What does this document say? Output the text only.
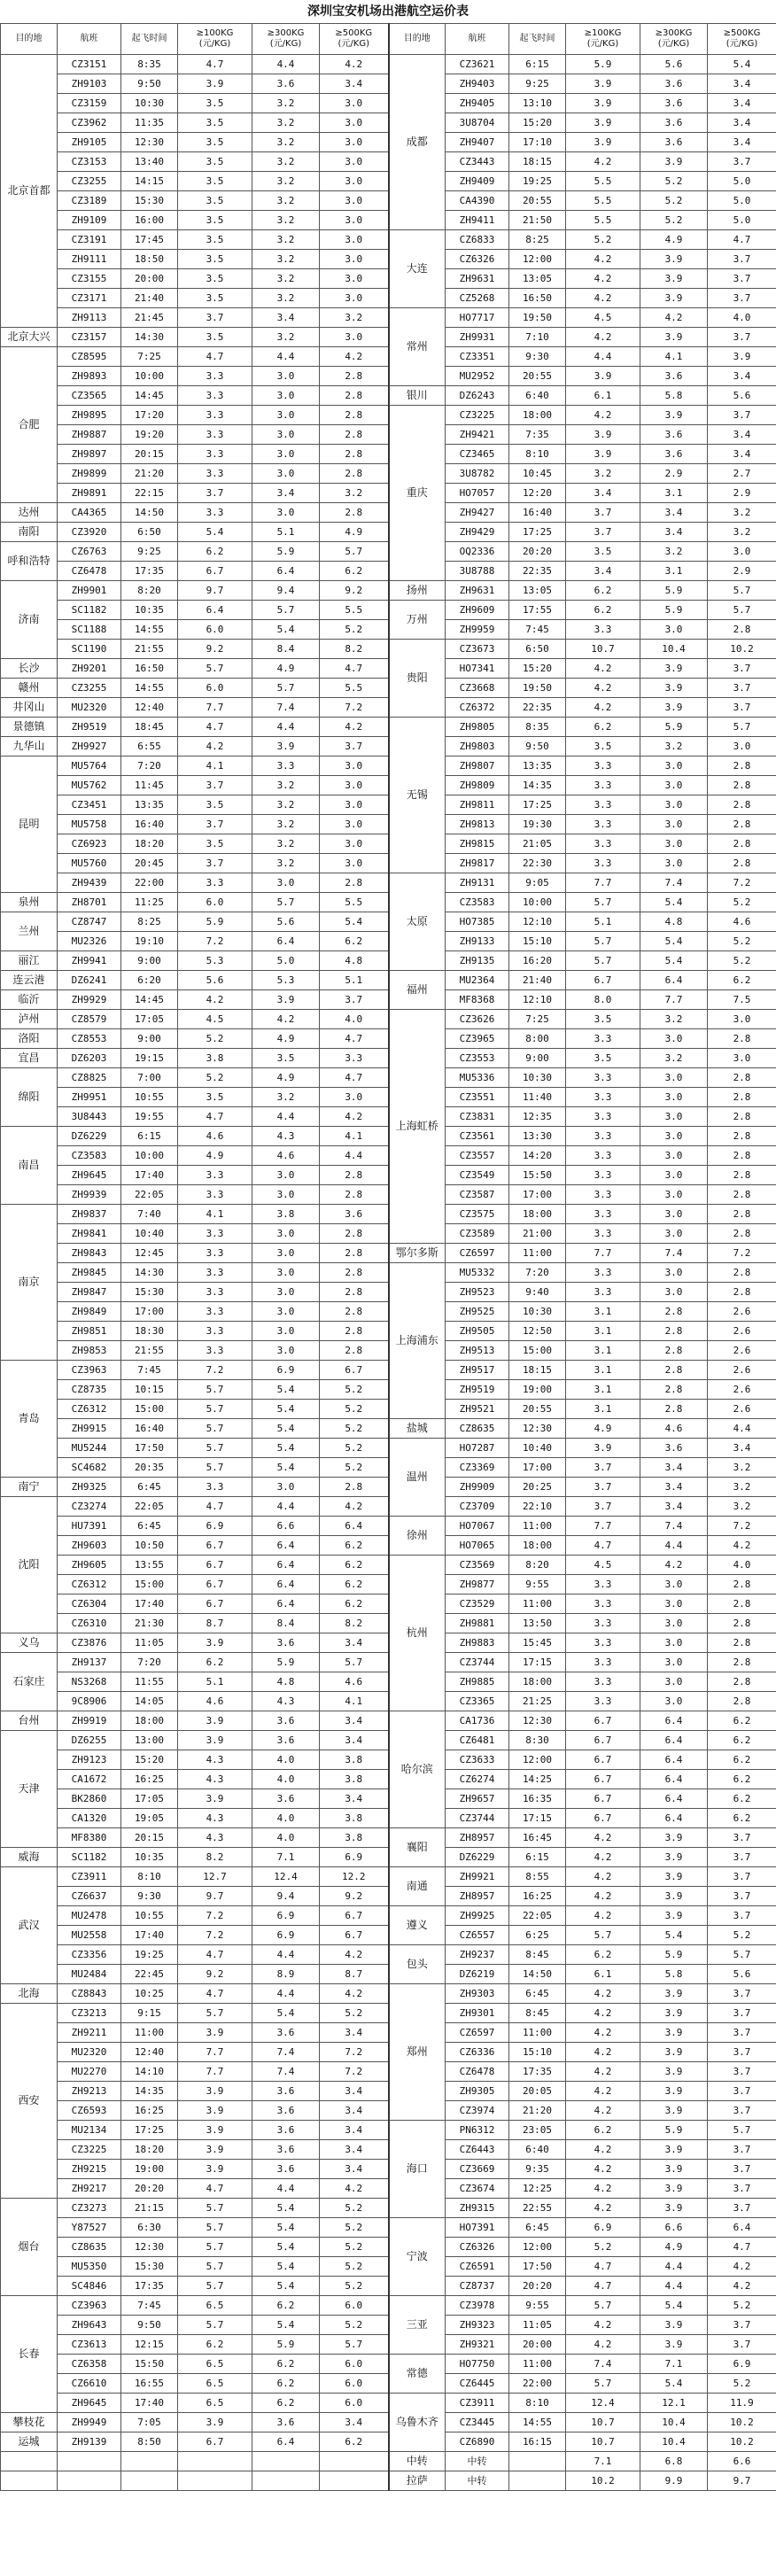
深圳宝安机场出港航空运价表
目的地	航班	起飞时间	≥100KG (元/KG)	≥300KG (元/KG)	≥500KG (元/KG)	目的地	航班	起飞时间	≥100KG (元/KG)	≥300KG (元/KG)	≥500KG (元/KG)
北京首都	CZ3151	8:35	4.7	4.4	4.2	成都	CZ3621	6:15	5.9	5.6	5.4
	ZH9103	9:50	3.9	3.6	3.4		ZH9403	9:25	3.9	3.6	3.4
	CZ3159	10:30	3.5	3.2	3.0		ZH9405	13:10	3.9	3.6	3.4
	CZ3962	11:35	3.5	3.2	3.0		3U8704	15:20	3.9	3.6	3.4
	ZH9105	12:30	3.5	3.2	3.0		ZH9407	17:10	3.9	3.6	3.4
	CZ3153	13:40	3.5	3.2	3.0		CZ3443	18:15	4.2	3.9	3.7
	CZ3255	14:15	3.5	3.2	3.0		ZH9409	19:25	5.5	5.2	5.0
	CZ3189	15:30	3.5	3.2	3.0		CA4390	20:55	5.5	5.2	5.0
	ZH9109	16:00	3.5	3.2	3.0		ZH9411	21:50	5.5	5.2	5.0
	CZ3191	17:45	3.5	3.2	3.0	大连	CZ6833	8:25	5.2	4.9	4.7
	ZH9111	18:50	3.5	3.2	3.0		CZ6326	12:00	4.2	3.9	3.7
	CZ3155	20:00	3.5	3.2	3.0		ZH9631	13:05	4.2	3.9	3.7
	CZ3171	21:40	3.5	3.2	3.0		CZ5268	16:50	4.2	3.9	3.7
	ZH9113	21:45	3.7	3.4	3.2	常州	HO7717	19:50	4.5	4.2	4.0
北京大兴	CZ3157	14:30	3.5	3.2	3.0		ZH9931	7:10	4.2	3.9	3.7
合肥	CZ8595	7:25	4.7	4.4	4.2		CZ3351	9:30	4.4	4.1	3.9
	ZH9893	10:00	3.3	3.0	2.8		MU2952	20:55	3.9	3.6	3.4
	CZ3565	14:45	3.3	3.0	2.8	银川	DZ6243	6:40	6.1	5.8	5.6
	ZH9895	17:20	3.3	3.0	2.8	重庆	CZ3225	18:00	4.2	3.9	3.7
	ZH9887	19:20	3.3	3.0	2.8		ZH9421	7:35	3.9	3.6	3.4
	ZH9897	20:15	3.3	3.0	2.8		CZ3465	8:10	3.9	3.6	3.4
	ZH9899	21:20	3.3	3.0	2.8		3U8782	10:45	3.2	2.9	2.7
	ZH9891	22:15	3.7	3.4	3.2		HO7057	12:20	3.4	3.1	2.9
达州	CA4365	14:50	3.3	3.0	2.8		ZH9427	16:40	3.7	3.4	3.2
南阳	CZ3920	6:50	5.4	5.1	4.9		ZH9429	17:25	3.7	3.4	3.2
呼和浩特	CZ6763	9:25	6.2	5.9	5.7		OQ2336	20:20	3.5	3.2	3.0
	CZ6478	17:35	6.7	6.4	6.2		3U8788	22:35	3.4	3.1	2.9
济南	ZH9901	8:20	9.7	9.4	9.2	扬州	ZH9631	13:05	6.2	5.9	5.7
	SC1182	10:35	6.4	5.7	5.5	万州	ZH9609	17:55	6.2	5.9	5.7
	SC1188	14:55	6.0	5.4	5.2		ZH9959	7:45	3.3	3.0	2.8
	SC1190	21:55	9.2	8.4	8.2	贵阳	CZ3673	6:50	10.7	10.4	10.2
长沙	ZH9201	16:50	5.7	4.9	4.7		HO7341	15:20	4.2	3.9	3.7
赣州	CZ3255	14:55	6.0	5.7	5.5		CZ3668	19:50	4.2	3.9	3.7
井冈山	MU2320	12:40	7.7	7.4	7.2		CZ6372	22:35	4.2	3.9	3.7
景德镇	ZH9519	18:45	4.7	4.4	4.2	无锡	ZH9805	8:35	6.2	5.9	5.7
九华山	ZH9927	6:55	4.2	3.9	3.7		ZH9803	9:50	3.5	3.2	3.0
昆明	MU5764	7:20	4.1	3.3	3.0		ZH9807	13:35	3.3	3.0	2.8
	MU5762	11:45	3.7	3.2	3.0		ZH9809	14:35	3.3	3.0	2.8
	CZ3451	13:35	3.5	3.2	3.0		ZH9811	17:25	3.3	3.0	2.8
	MU5758	16:40	3.7	3.2	3.0		ZH9813	19:30	3.3	3.0	2.8
	CZ6923	18:20	3.5	3.2	3.0		ZH9815	21:05	3.3	3.0	2.8
	MU5760	20:45	3.7	3.2	3.0		ZH9817	22:30	3.3	3.0	2.8
	ZH9439	22:00	3.3	3.0	2.8	太原	ZH9131	9:05	7.7	7.4	7.2
泉州	ZH8701	11:25	6.0	5.7	5.5		CZ3583	10:00	5.7	5.4	5.2
兰州	CZ8747	8:25	5.9	5.6	5.4		HO7385	12:10	5.1	4.8	4.6
	MU2326	19:10	7.2	6.4	6.2		ZH9133	15:10	5.7	5.4	5.2
丽江	ZH9941	9:00	5.3	5.0	4.8		ZH9135	16:20	5.7	5.4	5.2
连云港	DZ6241	6:20	5.6	5.3	5.1	福州	MU2364	21:40	6.7	6.4	6.2
临沂	ZH9929	14:45	4.2	3.9	3.7		MF8368	12:10	8.0	7.7	7.5
泸州	CZ8579	17:05	4.5	4.2	4.0	上海虹桥	CZ3626	7:25	3.5	3.2	3.0
洛阳	CZ8553	9:00	5.2	4.9	4.7		CZ3965	8:00	3.3	3.0	2.8
宜昌	DZ6203	19:15	3.8	3.5	3.3		CZ3553	9:00	3.5	3.2	3.0
绵阳	CZ8825	7:00	5.2	4.9	4.7		MU5336	10:30	3.3	3.0	2.8
	ZH9951	10:55	3.5	3.2	3.0		CZ3551	11:40	3.3	3.0	2.8
	3U8443	19:55	4.7	4.4	4.2		CZ3831	12:35	3.3	3.0	2.8
南昌	DZ6229	6:15	4.6	4.3	4.1		CZ3561	13:30	3.3	3.0	2.8
	CZ3583	10:00	4.9	4.6	4.4		CZ3557	14:20	3.3	3.0	2.8
	ZH9645	17:40	3.3	3.0	2.8		CZ3549	15:50	3.3	3.0	2.8
	ZH9939	22:05	3.3	3.0	2.8		CZ3587	17:00	3.3	3.0	2.8
南京	ZH9837	7:40	4.1	3.8	3.6		CZ3575	18:00	3.3	3.0	2.8
	ZH9841	10:40	3.3	3.0	2.8		CZ3589	21:00	3.3	3.0	2.8
	ZH9843	12:45	3.3	3.0	2.8	鄂尔多斯	CZ6597	11:00	7.7	7.4	7.2
	ZH9845	14:30	3.3	3.0	2.8	上海浦东	MU5332	7:20	3.3	3.0	2.8
	ZH9847	15:30	3.3	3.0	2.8		ZH9523	9:40	3.3	3.0	2.8
	ZH9849	17:00	3.3	3.0	2.8		ZH9525	10:30	3.1	2.8	2.6
	ZH9851	18:30	3.3	3.0	2.8		ZH9505	12:50	3.1	2.8	2.6
	ZH9853	21:55	3.3	3.0	2.8		ZH9513	15:00	3.1	2.8	2.6
青岛	CZ3963	7:45	7.2	6.9	6.7		ZH9517	18:15	3.1	2.8	2.6
	CZ8735	10:15	5.7	5.4	5.2		ZH9519	19:00	3.1	2.8	2.6
	CZ6312	15:00	5.7	5.4	5.2		ZH9521	20:55	3.1	2.8	2.6
	ZH9915	16:40	5.7	5.4	5.2	盐城	CZ8635	12:30	4.9	4.6	4.4
	MU5244	17:50	5.7	5.4	5.2	温州	HO7287	10:40	3.9	3.6	3.4
	SC4682	20:35	5.7	5.4	5.2		CZ3369	17:00	3.7	3.4	3.2
南宁	ZH9325	6:45	3.3	3.0	2.8		ZH9909	20:25	3.7	3.4	3.2
沈阳	CZ3274	22:05	4.7	4.4	4.2		CZ3709	22:10	3.7	3.4	3.2
	HU7391	6:45	6.9	6.6	6.4	徐州	HO7067	11:00	7.7	7.4	7.2
	ZH9603	10:50	6.7	6.4	6.2		HO7065	18:00	4.7	4.4	4.2
	ZH9605	13:55	6.7	6.4	6.2	杭州	CZ3569	8:20	4.5	4.2	4.0
	CZ6312	15:00	6.7	6.4	6.2		ZH9877	9:55	3.3	3.0	2.8
	CZ6304	17:40	6.7	6.4	6.2		CZ3529	11:00	3.3	3.0	2.8
	CZ6310	21:30	8.7	8.4	8.2		ZH9881	13:50	3.3	3.0	2.8
义乌	CZ3876	11:05	3.9	3.6	3.4		ZH9883	15:45	3.3	3.0	2.8
石家庄	ZH9137	7:20	6.2	5.9	5.7		CZ3744	17:15	3.3	3.0	2.8
	NS3268	11:55	5.1	4.8	4.6		ZH9885	18:00	3.3	3.0	2.8
	9C8906	14:05	4.6	4.3	4.1		CZ3365	21:25	3.3	3.0	2.8
台州	ZH9919	18:00	3.9	3.6	3.4	哈尔滨	CA1736	12:30	6.7	6.4	6.2
天津	DZ6255	13:00	3.9	3.6	3.4		CZ6481	8:30	6.7	6.4	6.2
	ZH9123	15:20	4.3	4.0	3.8		CZ3633	12:00	6.7	6.4	6.2
	CA1672	16:25	4.3	4.0	3.8		CZ6274	14:25	6.7	6.4	6.2
	BK2860	17:05	3.9	3.6	3.4		ZH9657	16:35	6.7	6.4	6.2
	CA1320	19:05	4.3	4.0	3.8		CZ3744	17:15	6.7	6.4	6.2
	MF8380	20:15	4.3	4.0	3.8	襄阳	ZH8957	16:45	4.2	3.9	3.7
威海	SC1182	10:35	8.2	7.1	6.9		DZ6229	6:15	4.2	3.9	3.7
武汉	CZ3911	8:10	12.7	12.4	12.2	南通	ZH9921	8:55	4.2	3.9	3.7
	CZ6637	9:30	9.7	9.4	9.2		ZH8957	16:25	4.2	3.9	3.7
	MU2478	10:55	7.2	6.9	6.7	遵义	ZH9925	22:05	4.2	3.9	3.7
	MU2558	17:40	7.2	6.9	6.7		CZ6557	6:25	5.7	5.4	5.2
	CZ3356	19:25	4.7	4.4	4.2	包头	ZH9237	8:45	6.2	5.9	5.7
	MU2484	22:45	9.2	8.9	8.7		DZ6219	14:50	6.1	5.8	5.6
北海	CZ8843	10:25	4.7	4.4	4.2	郑州	ZH9303	6:45	4.2	3.9	3.7
西安	CZ3213	9:15	5.7	5.4	5.2		ZH9301	8:45	4.2	3.9	3.7
	ZH9211	11:00	3.9	3.6	3.4		CZ6597	11:00	4.2	3.9	3.7
	MU2320	12:40	7.7	7.4	7.2		CZ6336	15:10	4.2	3.9	3.7
	MU2270	14:10	7.7	7.4	7.2		CZ6478	17:35	4.2	3.9	3.7
	ZH9213	14:35	3.9	3.6	3.4		ZH9305	20:05	4.2	3.9	3.7
	CZ6593	16:25	3.9	3.6	3.4		CZ3974	21:20	4.2	3.9	3.7
	MU2134	17:25	3.9	3.6	3.4	海口	PN6312	23:05	6.2	5.9	5.7
	CZ3225	18:20	3.9	3.6	3.4		CZ6443	6:40	4.2	3.9	3.7
	ZH9215	19:00	3.9	3.6	3.4		CZ3669	9:35	4.2	3.9	3.7
	ZH9217	20:20	4.7	4.4	4.2		CZ3674	12:25	4.2	3.9	3.7
烟台	CZ3273	21:15	5.7	5.4	5.2		ZH9315	22:55	4.2	3.9	3.7
	Y87527	6:30	5.7	5.4	5.2	宁波	HO7391	6:45	6.9	6.6	6.4
	CZ8635	12:30	5.7	5.4	5.2		CZ6326	12:00	5.2	4.9	4.7
	MU5350	15:30	5.7	5.4	5.2		CZ6591	17:50	4.7	4.4	4.2
	SC4846	17:35	5.7	5.4	5.2		CZ8737	20:20	4.7	4.4	4.2
长春	CZ3963	7:45	6.5	6.2	6.0	三亚	CZ3978	9:55	5.7	5.4	5.2
	ZH9643	9:50	5.7	5.4	5.2		ZH9323	11:05	4.2	3.9	3.7
	CZ3613	12:15	6.2	5.9	5.7		ZH9321	20:00	4.2	3.9	3.7
	CZ6358	15:50	6.5	6.2	6.0	常德	HO7750	11:00	7.4	7.1	6.9
	CZ6610	16:55	6.5	6.2	6.0		CZ6445	22:00	5.7	5.4	5.2
	ZH9645	17:40	6.5	6.2	6.0	乌鲁木齐	CZ3911	8:10	12.4	12.1	11.9
攀枝花	ZH9949	7:05	3.9	3.6	3.4		CZ3445	14:55	10.7	10.4	10.2
运城	ZH9139	8:50	6.7	6.4	6.2		CZ6890	16:15	10.7	10.4	10.2
						中转	中转		7.1	6.8	6.6
						拉萨	中转		10.2	9.9	9.7
